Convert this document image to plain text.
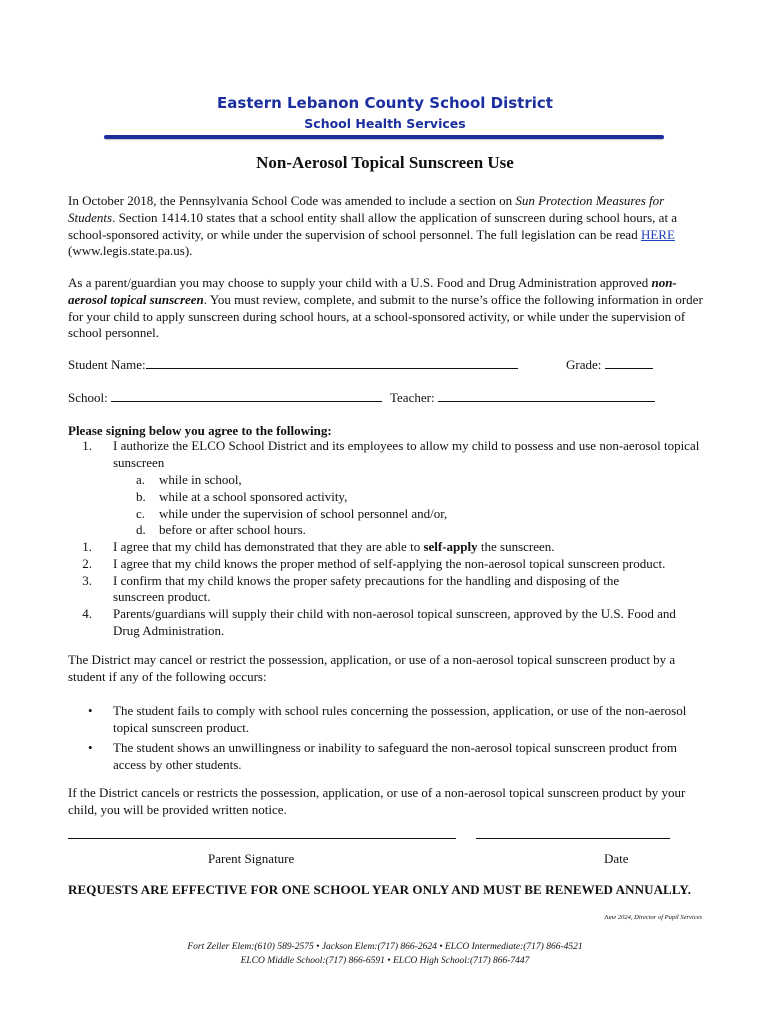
Eastern Lebanon County School District
School Health Services
Non-Aerosol Topical Sunscreen Use
In October 2018, the Pennsylvania School Code was amended to include a section on Sun Protection Measures for Students. Section 1414.10 states that a school entity shall allow the application of sunscreen during school hours, at a school-sponsored activity, or while under the supervision of school personnel. The full legislation can be read HERE (www.legis.state.pa.us).
As a parent/guardian you may choose to supply your child with a U.S. Food and Drug Administration approved non-aerosol topical sunscreen. You must review, complete, and submit to the nurse’s office the following information in order for your child to apply sunscreen during school hours, at a school-sponsored activity, or while under the supervision of school personnel.
Student Name:	Grade:
School:	Teacher:
Please signing below you agree to the following:
1. I authorize the ELCO School District and its employees to allow my child to possess and use non-aerosol topical sunscreen
a. while in school,
b. while at a school sponsored activity,
c. while under the supervision of school personnel and/or,
d. before or after school hours.
1. I agree that my child has demonstrated that they are able to self-apply the sunscreen.
2. I agree that my child knows the proper method of self-applying the non-aerosol topical sunscreen product.
3. I confirm that my child knows the proper safety precautions for the handling and disposing of the sunscreen product.
4. Parents/guardians will supply their child with non-aerosol topical sunscreen, approved by the U.S. Food and Drug Administration.
The District may cancel or restrict the possession, application, or use of a non-aerosol topical sunscreen product by a student if any of the following occurs:
• The student fails to comply with school rules concerning the possession, application, or use of the non-aerosol topical sunscreen product.
• The student shows an unwillingness or inability to safeguard the non-aerosol topical sunscreen product from access by other students.
If the District cancels or restricts the possession, application, or use of a non-aerosol topical sunscreen product by your child, you will be provided written notice.
Parent Signature	Date
REQUESTS ARE EFFECTIVE FOR ONE SCHOOL YEAR ONLY AND MUST BE RENEWED ANNUALLY.
June 2024, Director of Pupil Services
Fort Zeller Elem:(610) 589-2575 • Jackson Elem:(717) 866-2624 • ELCO Intermediate:(717) 866-4521
ELCO Middle School:(717) 866-6591 • ELCO High School:(717) 866-7447
